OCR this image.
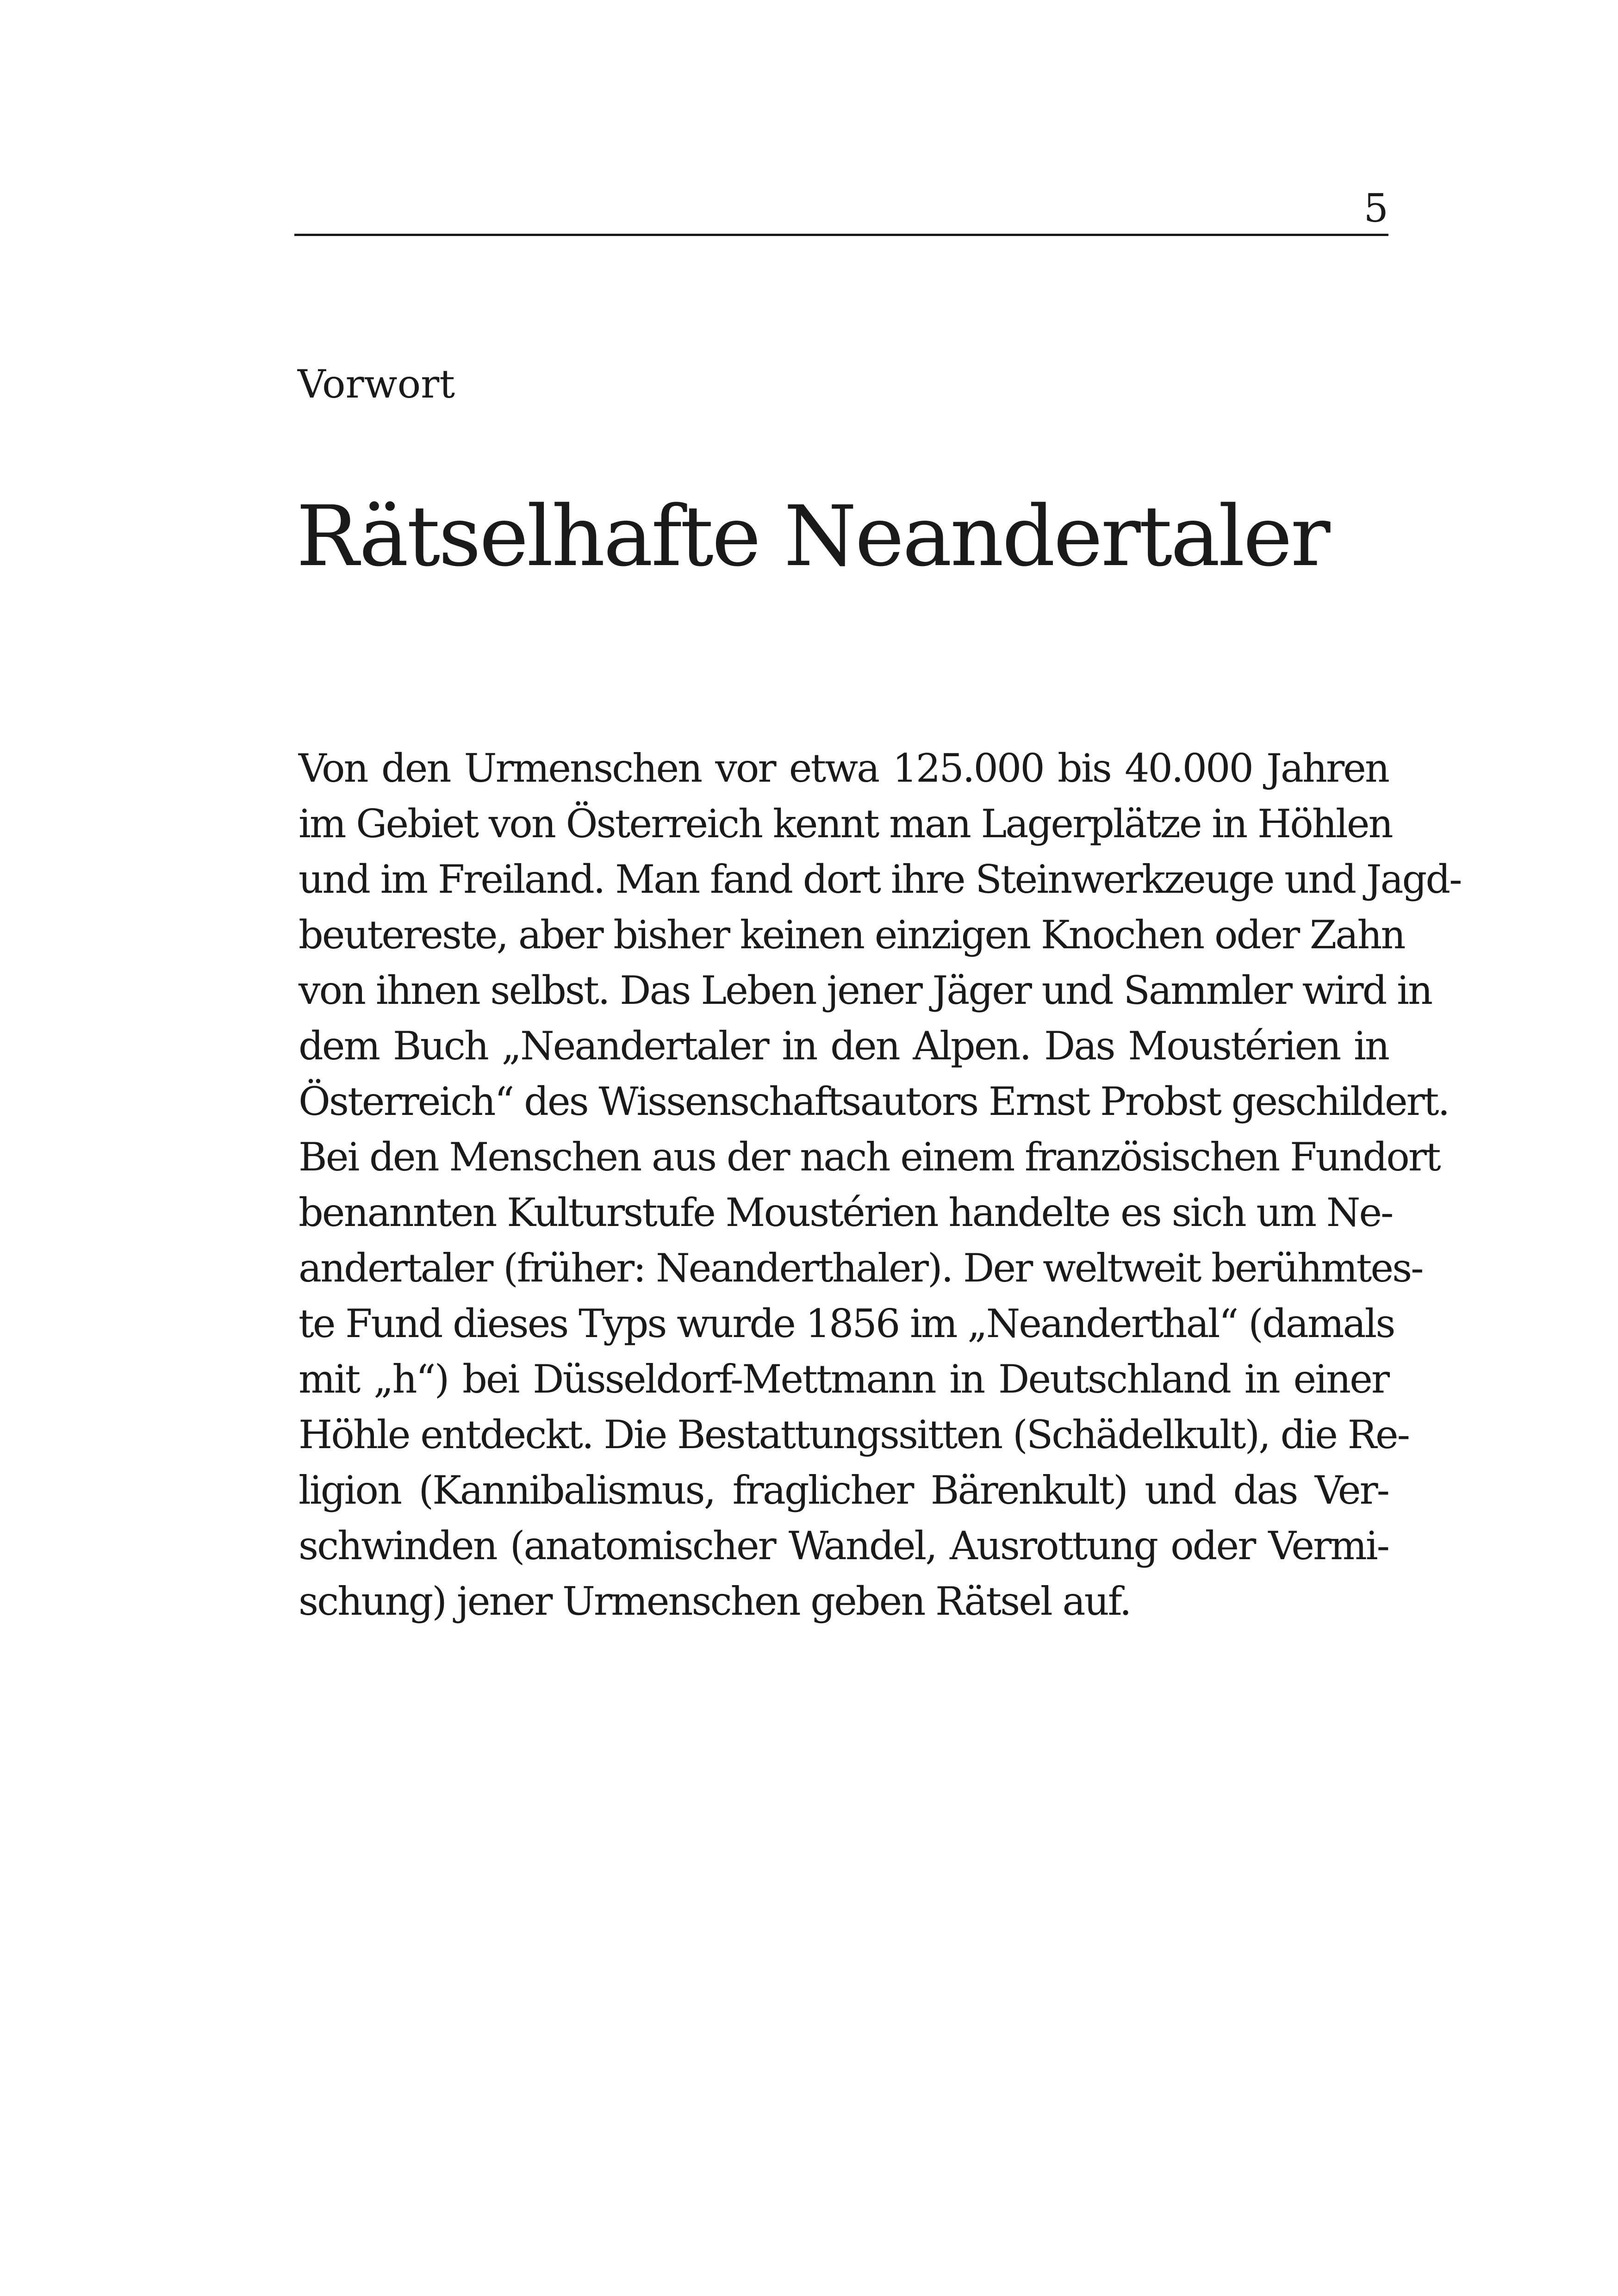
5
Vorwort
Rätselhafte Neandertaler
Von den Urmenschen vor etwa 125.000 bis 40.000 Jahren
im Gebiet von Österreich kennt man Lagerplätze in Höhlen
und im Freiland. Man fand dort ihre Steinwerkzeuge und Jagd-
beutereste, aber bisher keinen einzigen Knochen oder Zahn
von ihnen selbst. Das Leben jener Jäger und Sammler wird in
dem Buch „Neandertaler in den Alpen. Das Moustérien in
Österreich“ des Wissenschaftsautors Ernst Probst geschildert.
Bei den Menschen aus der nach einem französischen Fundort
benannten Kulturstufe Moustérien handelte es sich um Ne-
andertaler (früher: Neanderthaler). Der weltweit berühmtes-
te Fund dieses Typs wurde 1856 im „Neanderthal“ (damals
mit „h“) bei Düsseldorf-Mettmann in Deutschland in einer
Höhle entdeckt. Die Bestattungssitten (Schädelkult), die Re-
ligion (Kannibalismus, fraglicher Bärenkult) und das Ver-
schwinden (anatomischer Wandel, Ausrottung oder Vermi-
schung) jener Urmenschen geben Rätsel auf.
